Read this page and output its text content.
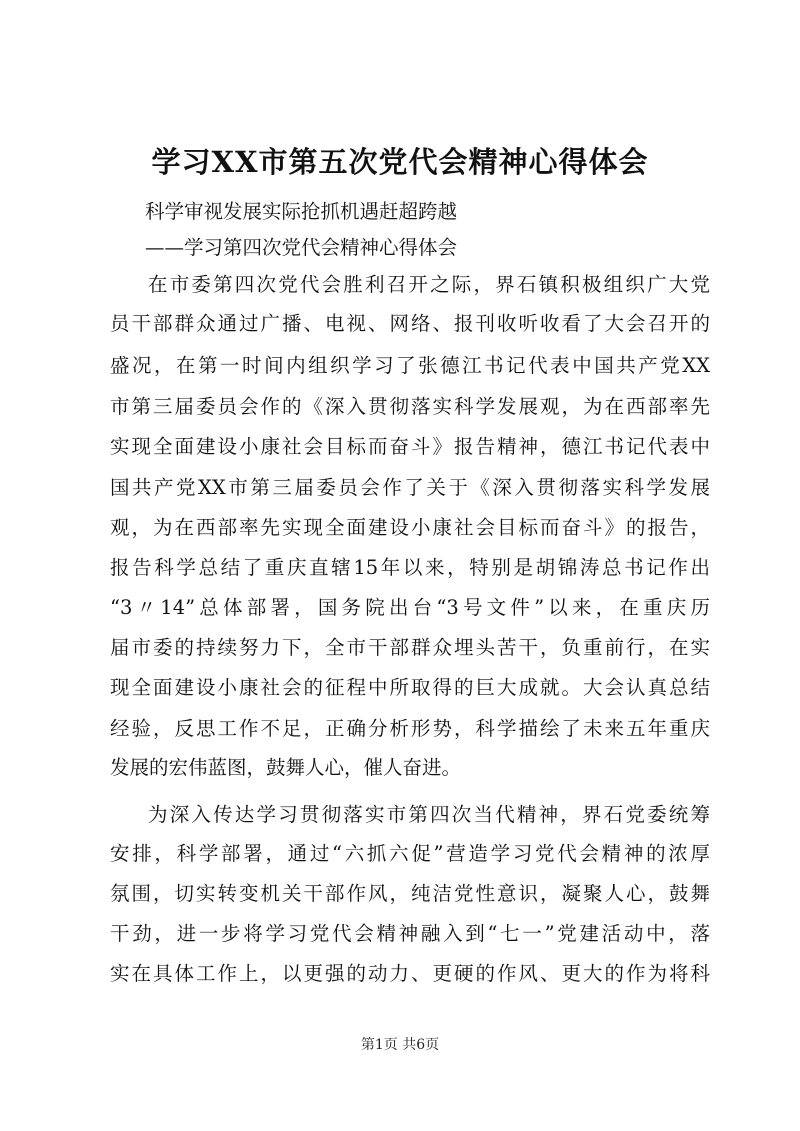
学习XX市第五次党代会精神心得体会
科学审视发展实际抢抓机遇赶超跨越
——学习第四次党代会精神心得体会
在市委第四次党代会胜利召开之际，界石镇积极组织广大党
员干部群众通过广播、电视、网络、报刊收听收看了大会召开的
盛况，在第一时间内组织学习了张德江书记代表中国共产党XX
市第三届委员会作的《深入贯彻落实科学发展观，为在西部率先
实现全面建设小康社会目标而奋斗》报告精神，德江书记代表中
国共产党XX市第三届委员会作了关于《深入贯彻落实科学发展
观，为在西部率先实现全面建设小康社会目标而奋斗》的报告，
报告科学总结了重庆直辖15年以来，特别是胡锦涛总书记作出
“3〃14”总体部署，国务院出台“3号文件”以来，在重庆历
届市委的持续努力下，全市干部群众埋头苦干，负重前行，在实
现全面建设小康社会的征程中所取得的巨大成就。大会认真总结
经验，反思工作不足，正确分析形势，科学描绘了未来五年重庆
发展的宏伟蓝图，鼓舞人心，催人奋进。
为深入传达学习贯彻落实市第四次当代精神，界石党委统筹
安排，科学部署，通过“六抓六促”营造学习党代会精神的浓厚
氛围，切实转变机关干部作风，纯洁党性意识，凝聚人心，鼓舞
干劲，进一步将学习党代会精神融入到“七一”党建活动中，落
实在具体工作上，以更强的动力、更硬的作风、更大的作为将科
第1页 共6页
